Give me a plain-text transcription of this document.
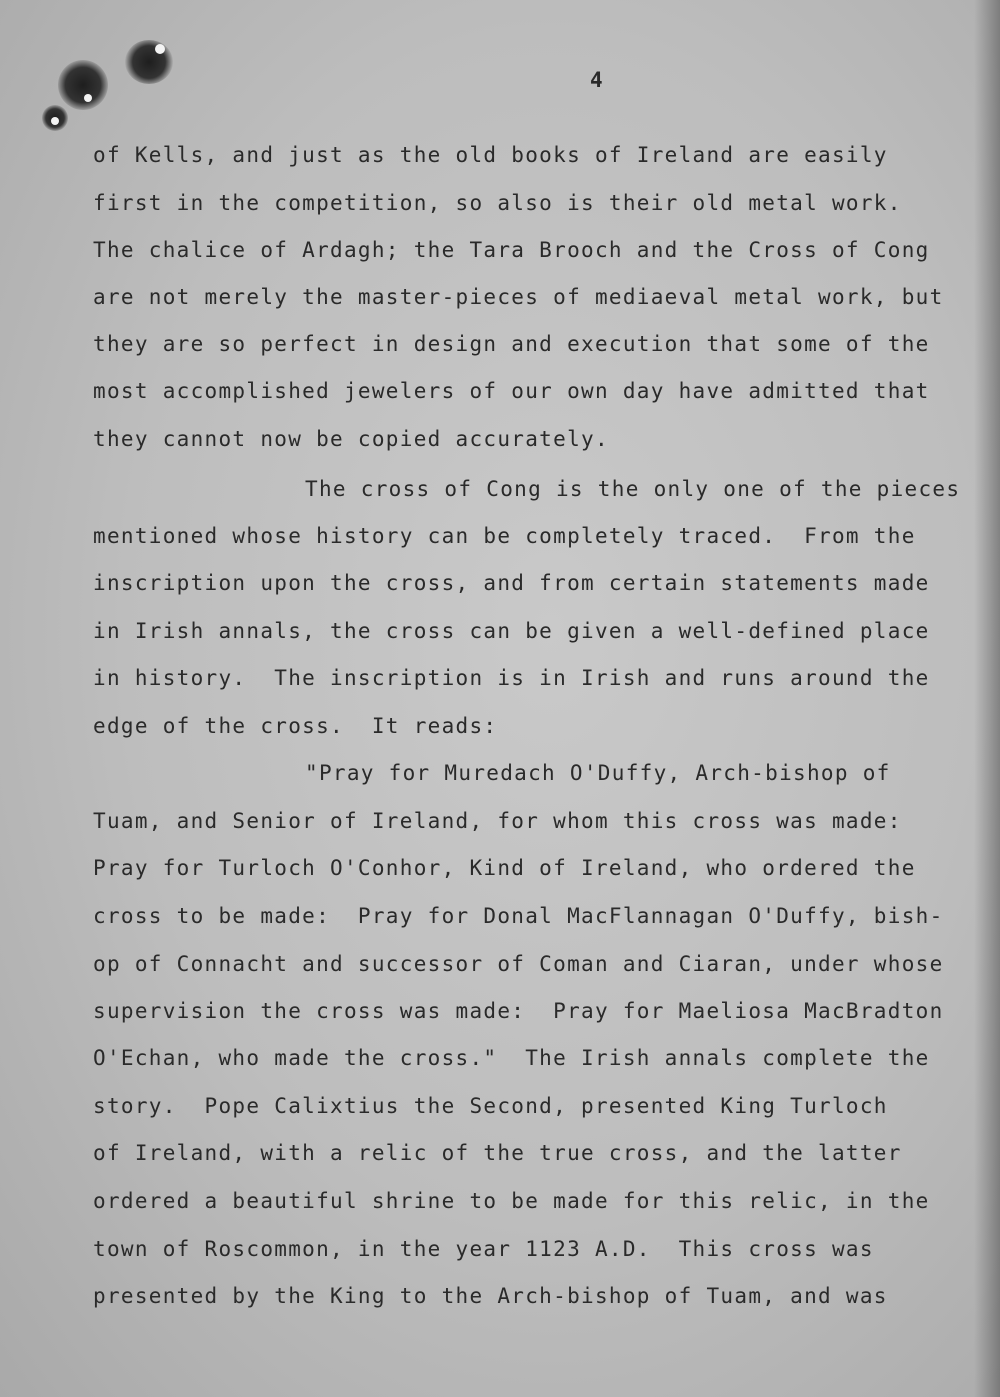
4
of Kells, and just as the old books of Ireland are easily
first in the competition, so also is their old metal work.
The chalice of Ardagh; the Tara Brooch and the Cross of Cong
are not merely the master-pieces of mediaeval metal work, but
they are so perfect in design and execution that some of the
most accomplished jewelers of our own day have admitted that
they cannot now be copied accurately.
The cross of Cong is the only one of the pieces
mentioned whose history can be completely traced.  From the
inscription upon the cross, and from certain statements made
in Irish annals, the cross can be given a well-defined place
in history.  The inscription is in Irish and runs around the
edge of the cross.  It reads:
"Pray for Muredach O'Duffy, Arch-bishop of
Tuam, and Senior of Ireland, for whom this cross was made:
Pray for Turloch O'Conhor, Kind of Ireland, who ordered the
cross to be made:  Pray for Donal MacFlannagan O'Duffy, bish-
op of Connacht and successor of Coman and Ciaran, under whose
supervision the cross was made:  Pray for Maeliosa MacBradton
O'Echan, who made the cross."  The Irish annals complete the
story.  Pope Calixtius the Second, presented King Turloch
of Ireland, with a relic of the true cross, and the latter
ordered a beautiful shrine to be made for this relic, in the
town of Roscommon, in the year 1123 A.D.  This cross was
presented by the King to the Arch-bishop of Tuam, and was
